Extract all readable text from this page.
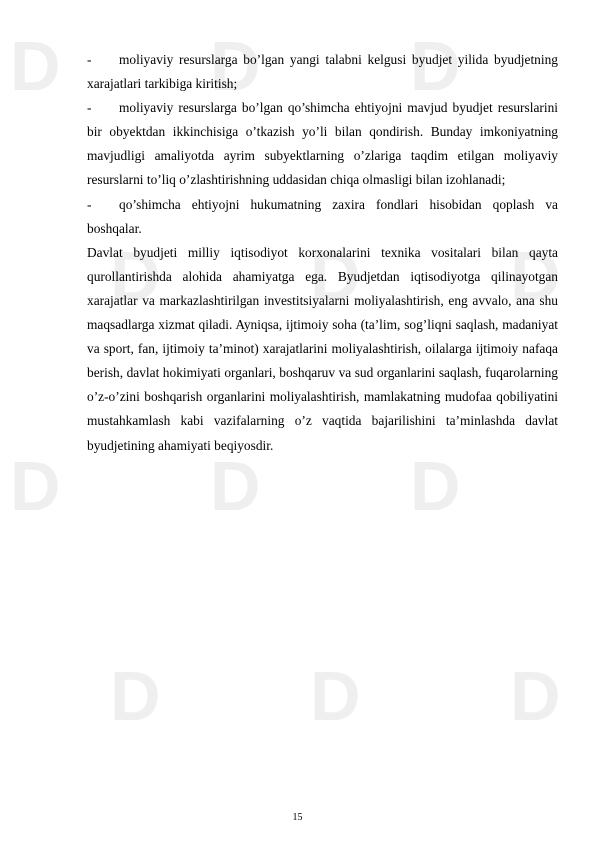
D D D
D D D
D D D
D D D

- moliyaviy resurslarga bo’lgan yangi talabni kelgusi byudjet yilida byudjetning xarajatlari tarkibiga kiritish;

- moliyaviy resurslarga bo’lgan qo’shimcha ehtiyojni mavjud byudjet resurslarini bir obyektdan ikkinchisiga o’tkazish yo’li bilan qondirish. Bunday imkoniyatning mavjudligi amaliyotda ayrim subyektlarning o’zlariga taqdim etilgan moliyaviy resurslarni to’liq o’zlashtirishning uddasidan chiqa olmasligi bilan izohlanadi;

- qo’shimcha ehtiyojni hukumatning zaxira fondlari hisobidan qoplash va boshqalar.

Davlat byudjeti milliy iqtisodiyot korxonalarini texnika vositalari bilan qayta qurollantirishda alohida ahamiyatga ega. Byudjetdan iqtisodiyotga qilinayotgan xarajatlar va markazlashtirilgan investitsiyalarni moliyalashtirish, eng avvalo, ana shu maqsadlarga xizmat qiladi. Ayniqsa, ijtimoiy soha (ta’lim, sog’liqni saqlash, madaniyat va sport, fan, ijtimoiy ta’minot) xarajatlarini moliyalashtirish, oilalarga ijtimoiy nafaqa berish, davlat hokimiyati organlari, boshqaruv va sud organlarini saqlash, fuqarolarning o’z-o’zini boshqarish organlarini moliyalashtirish, mamlakatning mudofaa qobiliyatini mustahkamlash kabi vazifalarning o’z vaqtida bajarilishini ta’minlashda davlat byudjetining ahamiyati beqiyosdir.

15
